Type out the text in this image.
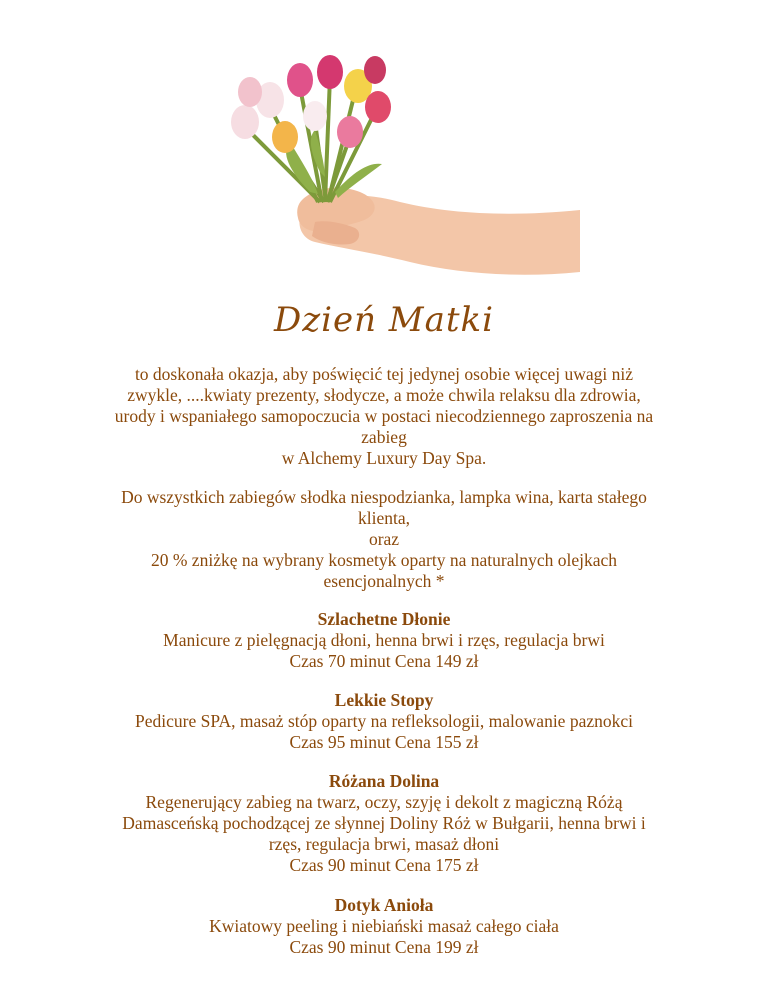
Dzień Matki

to doskonała okazja, aby poświęcić tej jedynej osobie więcej uwagi niż

zwykle, ....kwiaty prezenty, słodycze, a może chwila relaksu dla zdrowia,

urody i wspaniałego samopoczucia w postaci niecodziennego zaproszenia na

zabieg

w Alchemy Luxury Day Spa.

Do wszystkich zabiegów słodka niespodzianka, lampka wina, karta stałego

klienta,

oraz

20 % zniżkę na wybrany kosmetyk oparty na naturalnych olejkach

esencjonalnych *

Szlachetne Dłonie

Manicure z pielęgnacją dłoni, henna brwi i rzęs, regulacja brwi

Czas 70 minut Cena 149 zł

Lekkie Stopy

Pedicure SPA, masaż stóp oparty na refleksologii, malowanie paznokci

Czas 95 minut Cena 155 zł

Różana Dolina

Regenerujący zabieg na twarz, oczy, szyję i dekolt z magiczną Różą

Damasceńską pochodzącej ze słynnej Doliny Róż w Bułgarii, henna brwi i

rzęs, regulacja brwi, masaż dłoni

Czas 90 minut Cena 175 zł

Dotyk Anioła

Kwiatowy peeling i niebiański masaż całego ciała

Czas 90 minut Cena 199 zł
